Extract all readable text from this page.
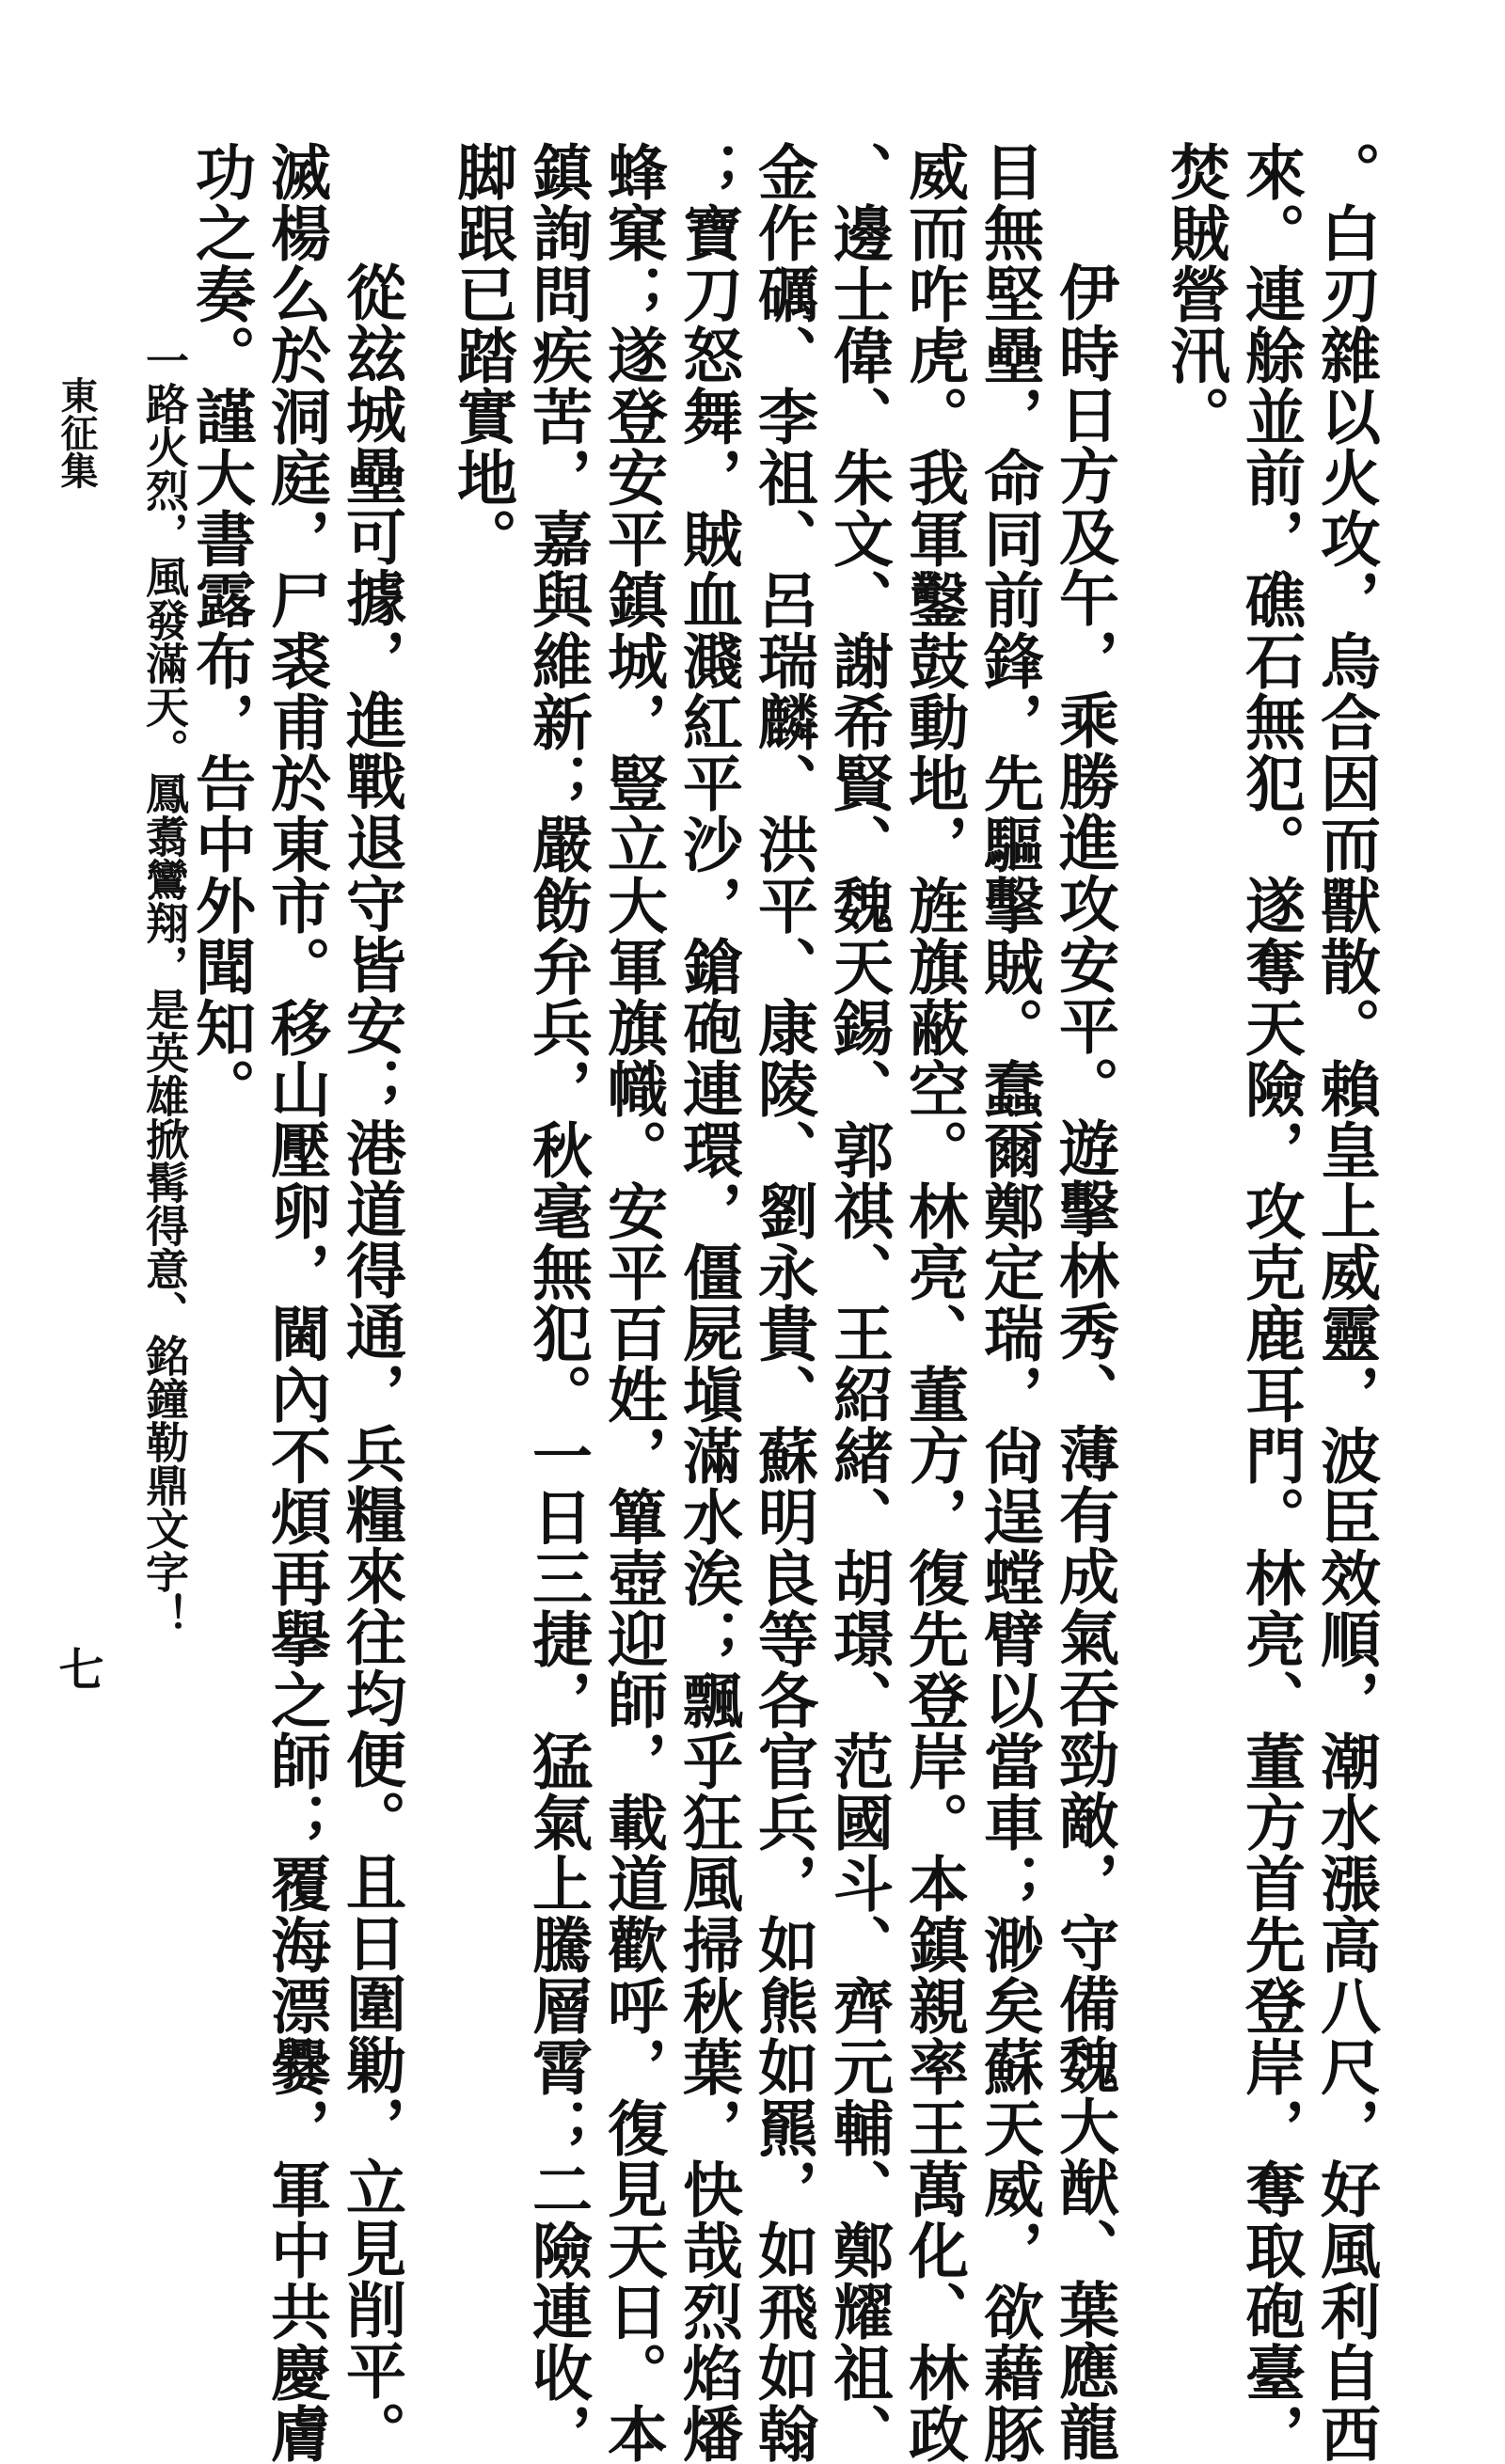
。白刃雜以火攻，烏合因而獸散。賴皇上威靈，波臣效順，潮水漲高八尺，好風利自西
來。連艅並前，礁石無犯。遂奪天險，攻克鹿耳門。林亮、董方首先登岸，奪取砲臺，
焚賊營汛。
伊時日方及午，乘勝進攻安平。遊擊林秀、薄有成氣吞勁敵，守備魏大猷、葉應龍
目無堅壘，命同前鋒，先驅擊賊。蠢爾鄭定瑞，尙逞螳臂以當車；渺矣蘇天威，欲藉豚
威而咋虎。我軍鑿鼓動地，旌旗蔽空。林亮、董方，復先登岸。本鎮親率王萬化、林政
、邊士偉、朱文、謝希賢、魏天錫、郭祺、王紹緒、胡璟、范國斗、齊元輔、鄭耀祖、
金作礪、李祖、呂瑞麟、洪平、康陵、劉永貴、蘇明良等各官兵，如熊如羆，如飛如翰
；寶刀怒舞，賊血濺紅平沙，鎗砲連環，僵屍塡滿水涘；飄乎狂風掃秋葉，快哉烈焰燔
蜂窠；遂登安平鎮城，豎立大軍旗幟。安平百姓，簞壺迎師，載道歡呼，復見天日。本
鎮詢問疾苦，嘉與維新；嚴飭弁兵，秋毫無犯。一日三捷，猛氣上騰層霄；二險連收，
脚跟已踏實地。
從玆城壘可據，進戰退守皆安；港道得通，兵糧來往均便。且日圍勦，立見削平。
滅楊么於洞庭，尸裘甫於東市。移山壓卵，閫內不煩再擧之師；覆海漂爨，軍中共慶膚
功之奏。謹大書露布，告中外聞知。
一路火烈，風發滿天。鳳翥鸞翔，是英雄掀髯得意、銘鐘勒鼎文字！
東征集
七
